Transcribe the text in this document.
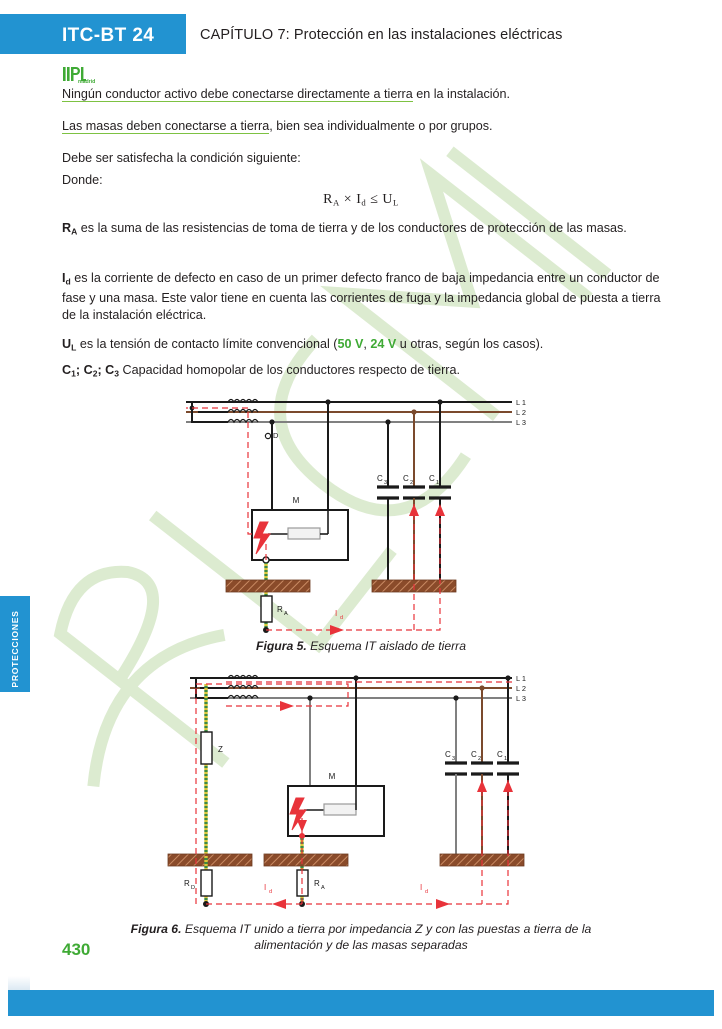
ITC-BT 24	CAPÍTULO 7: Protección en las instalaciones eléctricas
PROTECCIONES
madrid

Ningún conductor activo debe conectarse directamente a tierra en la instalación.

Las masas deben conectarse a tierra, bien sea individualmente o por grupos.

Debe ser satisfecha la condición siguiente:

Donde:

$R_A \times I_d \le U_L$

$R_A$ es la suma de las resistencias de toma de tierra y de los conductores de protección de las masas.

$I_d$ es la corriente de defecto en caso de un primer defecto franco de baja impedancia entre un conductor de fase y una masa. Este valor tiene en cuenta las corrientes de fuga y la impedancia global de puesta a tierra de la instalación eléctrica.

$U_L$ es la tensión de contacto límite convencional (50 V, 24 V u otras, según los casos).

$C_1$; $C_2$; $C_3$ Capacidad homopolar de los conductores respecto de tierra.

L 1
L 2
L 3
D
M
R A
C 3 C 2 C 1
I d
Figura 5. Esquema IT aislado de tierra
L 1
L 2
L 3
Z
R D
M
R A
C 3 C 2 C 1
I d	I d
Figura 6. Esquema IT unido a tierra por impedancia Z y con las puestas a tierra de la
alimentación y de las masas separadas
430
